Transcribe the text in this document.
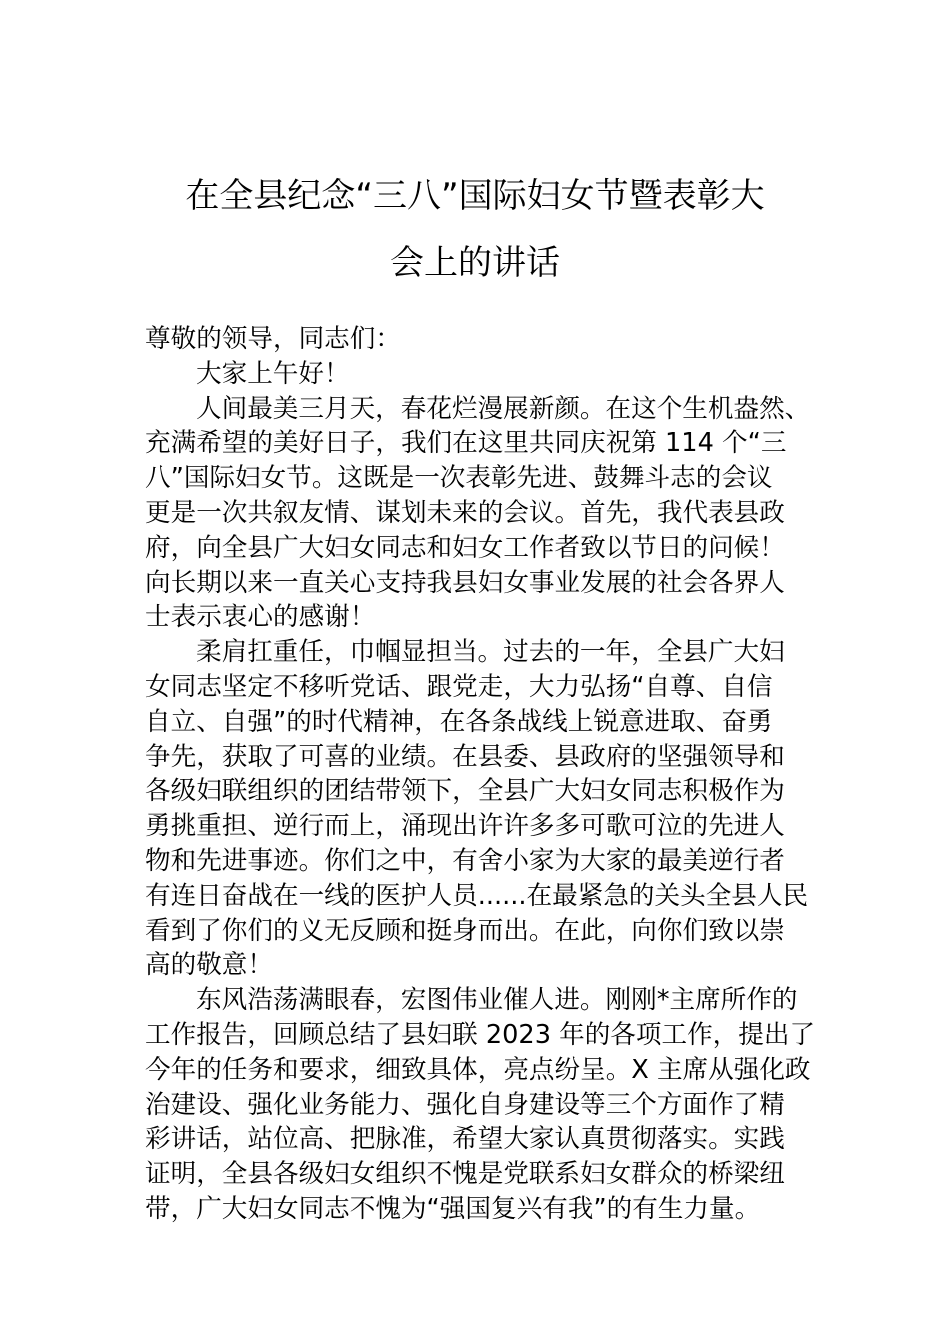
在全县纪念“三八”国际妇女节暨表彰大
会上的讲话
尊敬的领导，同志们：
大家上午好！
人间最美三月天，春花烂漫展新颜。在这个生机盎然、
充满希望的美好日子，我们在这里共同庆祝第 114 个“三
八”国际妇女节。这既是一次表彰先进、鼓舞斗志的会议
更是一次共叙友情、谋划未来的会议。首先，我代表县政
府，向全县广大妇女同志和妇女工作者致以节日的问候！
向长期以来一直关心支持我县妇女事业发展的社会各界人
士表示衷心的感谢！
柔肩扛重任，巾帼显担当。过去的一年，全县广大妇
女同志坚定不移听党话、跟党走，大力弘扬“自尊、自信
自立、自强”的时代精神，在各条战线上锐意进取、奋勇
争先，获取了可喜的业绩。在县委、县政府的坚强领导和
各级妇联组织的团结带领下，全县广大妇女同志积极作为
勇挑重担、逆行而上，涌现出许许多多可歌可泣的先进人
物和先进事迹。你们之中，有舍小家为大家的最美逆行者
有连日奋战在一线的医护人员......在最紧急的关头全县人民
看到了你们的义无反顾和挺身而出。在此，向你们致以崇
高的敬意！
东风浩荡满眼春，宏图伟业催人进。刚刚*主席所作的
工作报告，回顾总结了县妇联 2023 年的各项工作，提出了
今年的任务和要求，细致具体，亮点纷呈。X 主席从强化政
治建设、强化业务能力、强化自身建设等三个方面作了精
彩讲话，站位高、把脉准，希望大家认真贯彻落实。实践
证明，全县各级妇女组织不愧是党联系妇女群众的桥梁纽
带，广大妇女同志不愧为“强国复兴有我”的有生力量。
